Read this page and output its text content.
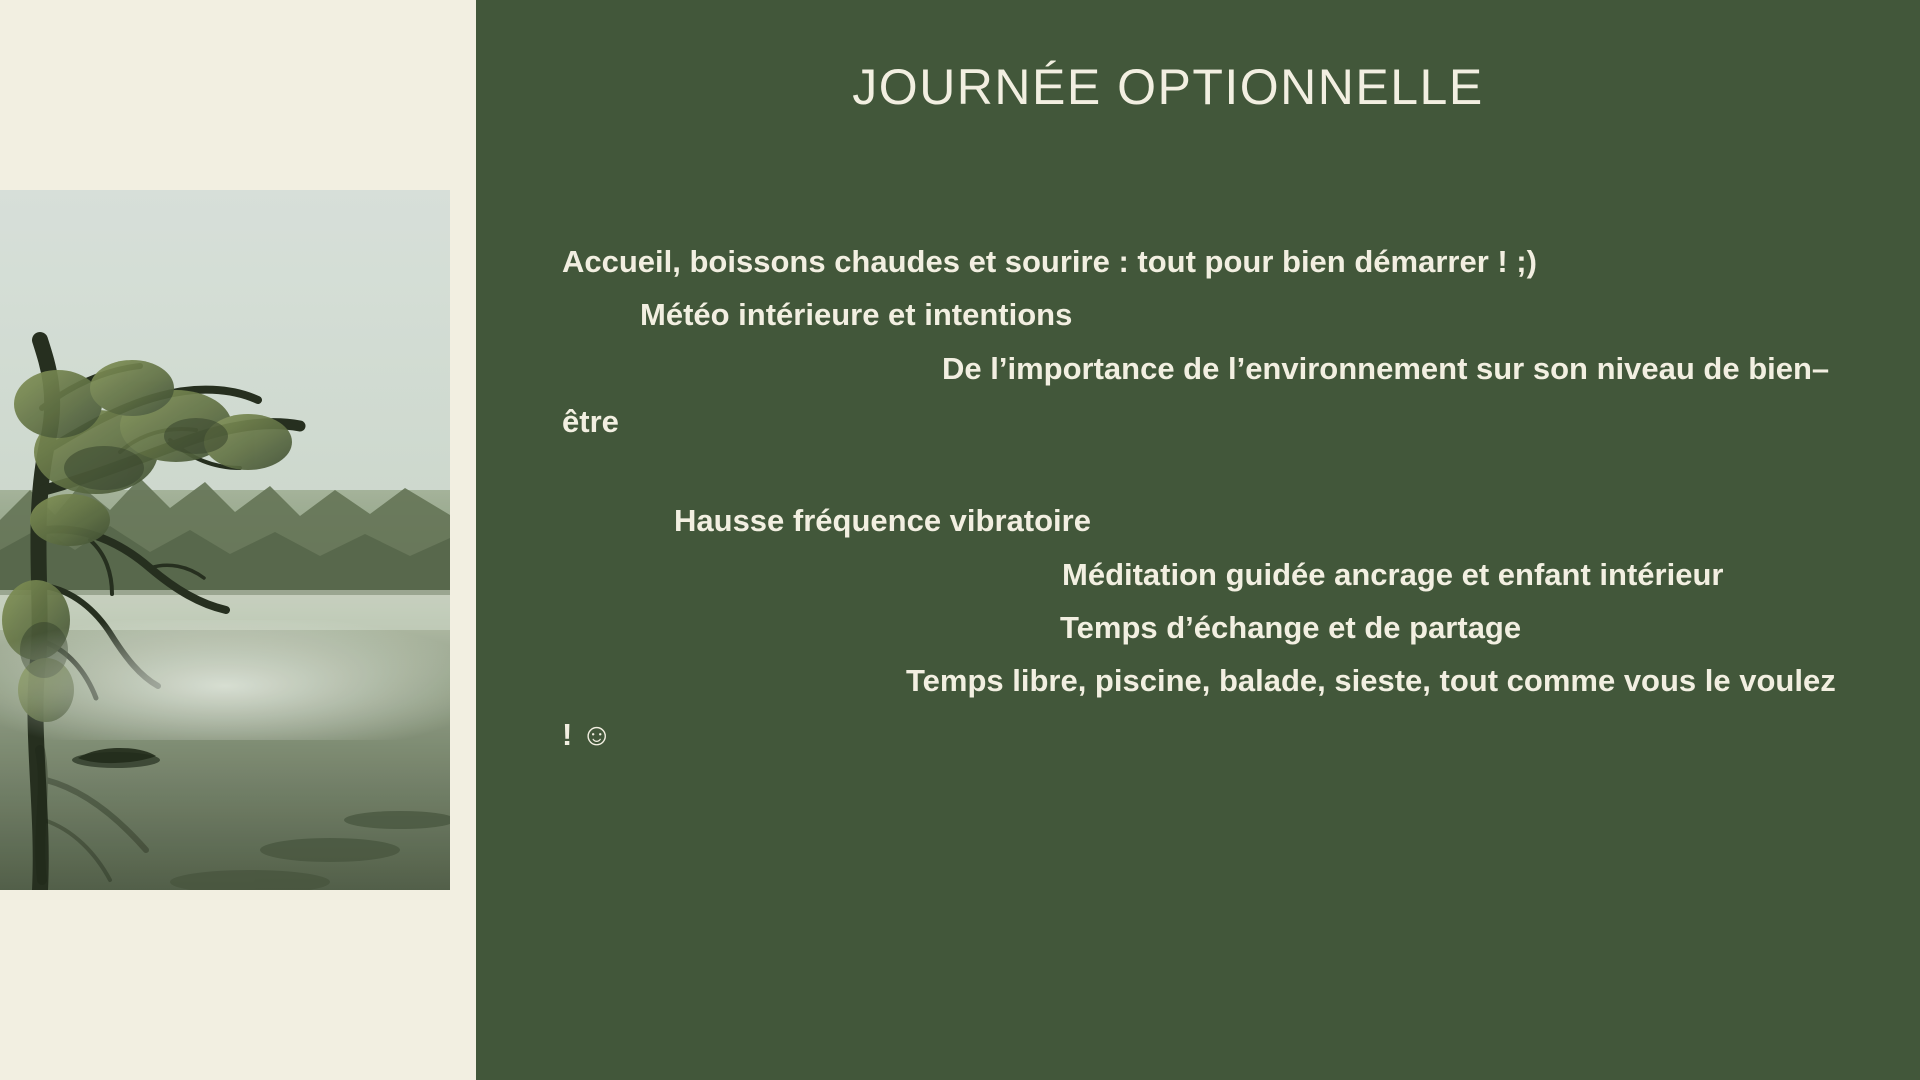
JOURNÉE OPTIONNELLE

Accueil, boissons chaudes et sourire : tout pour bien démarrer ! ;)

Météo intérieure et intentions

De l’importance de l’environnement sur son niveau de bien–être

Hausse fréquence vibratoire

Méditation guidée ancrage et enfant intérieur

Temps d’échange et de partage

Temps libre, piscine, balade, sieste, tout comme vous le voulez ! ☺
